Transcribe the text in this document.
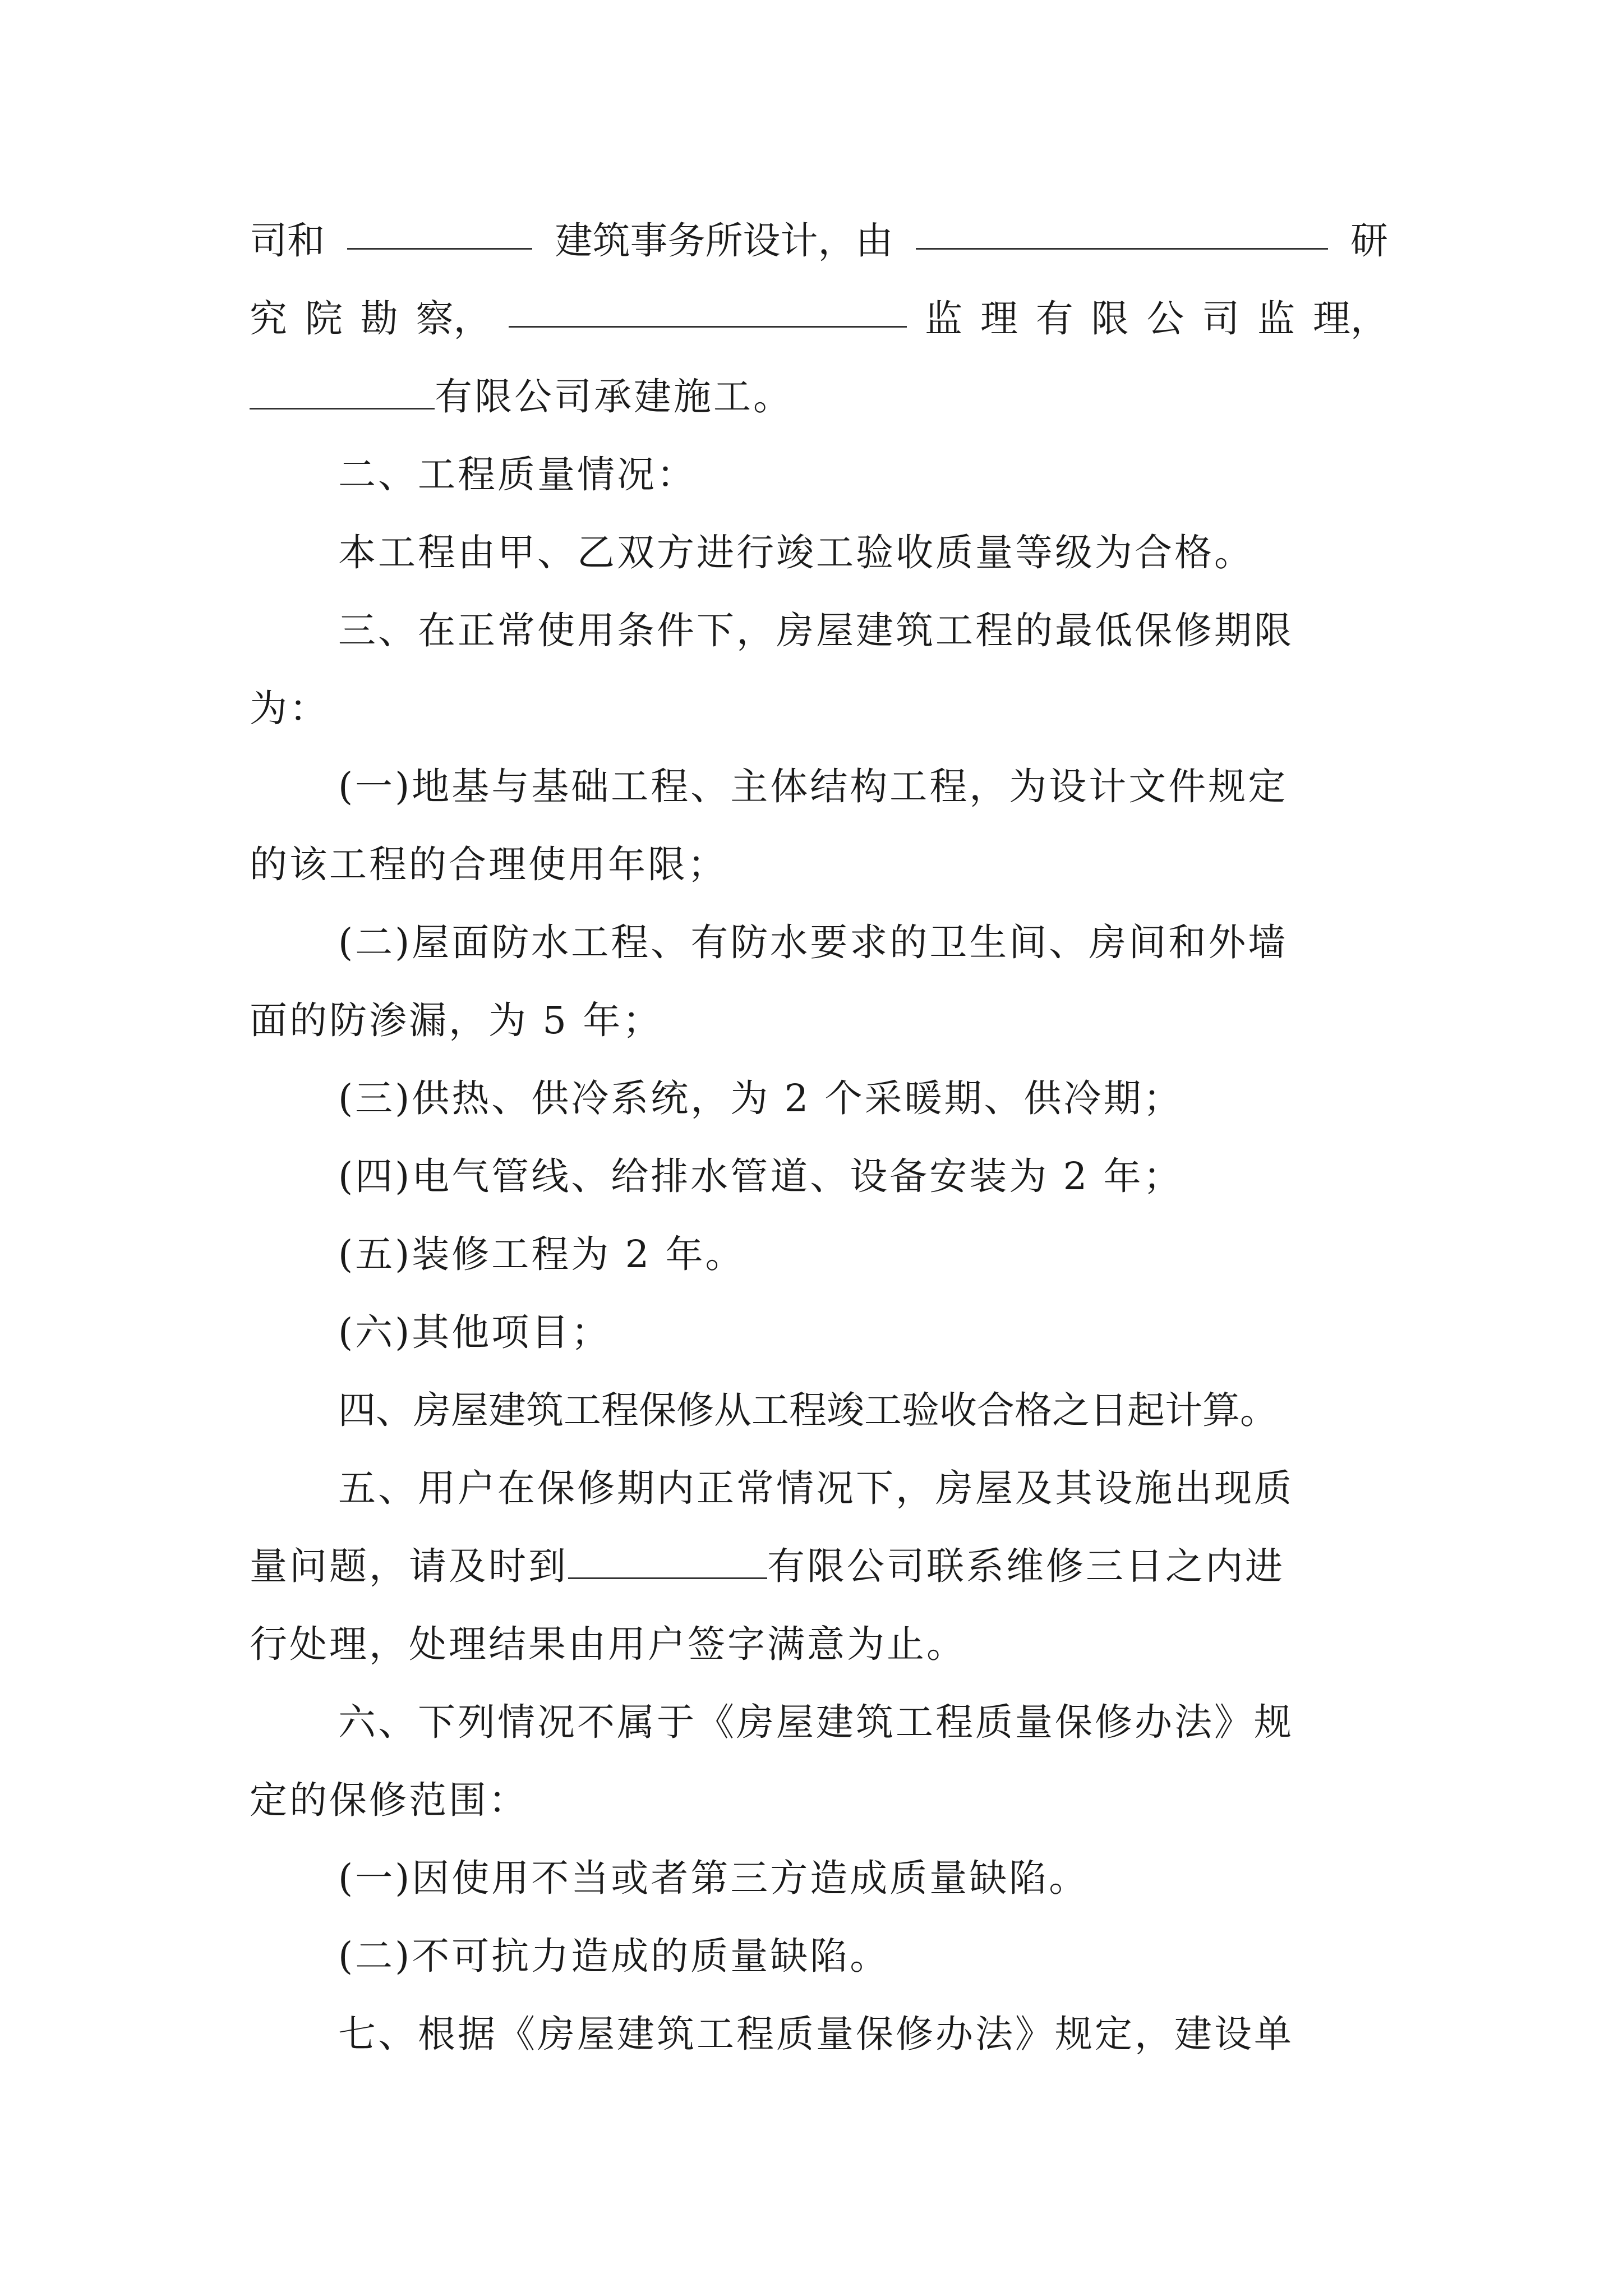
司和	建筑事务所设计，由	研
究 院 勘 察，	监 理 有 限 公 司 监 理，
有限公司承建施工。
二、工程质量情况：
本工程由甲、乙双方进行竣工验收质量等级为合格。
三、在正常使用条件下，房屋建筑工程的最低保修期限
为：
(一)地基与基础工程、主体结构工程，为设计文件规定
的该工程的合理使用年限；
(二)屋面防水工程、有防水要求的卫生间、房间和外墙
面的防渗漏，为 5 年；
(三)供热、供冷系统，为 2 个采暖期、供冷期；
(四)电气管线、给排水管道、设备安装为 2 年；
(五)装修工程为 2 年。
(六)其他项目；
四、房屋建筑工程保修从工程竣工验收合格之日起计算。
五、用户在保修期内正常情况下，房屋及其设施出现质
量问题，请及时到	有限公司联系维修三日之内进
行处理，处理结果由用户签字满意为止。
六、下列情况不属于《房屋建筑工程质量保修办法》规
定的保修范围：
(一)因使用不当或者第三方造成质量缺陷。
(二)不可抗力造成的质量缺陷。
七、根据《房屋建筑工程质量保修办法》规定，建设单
